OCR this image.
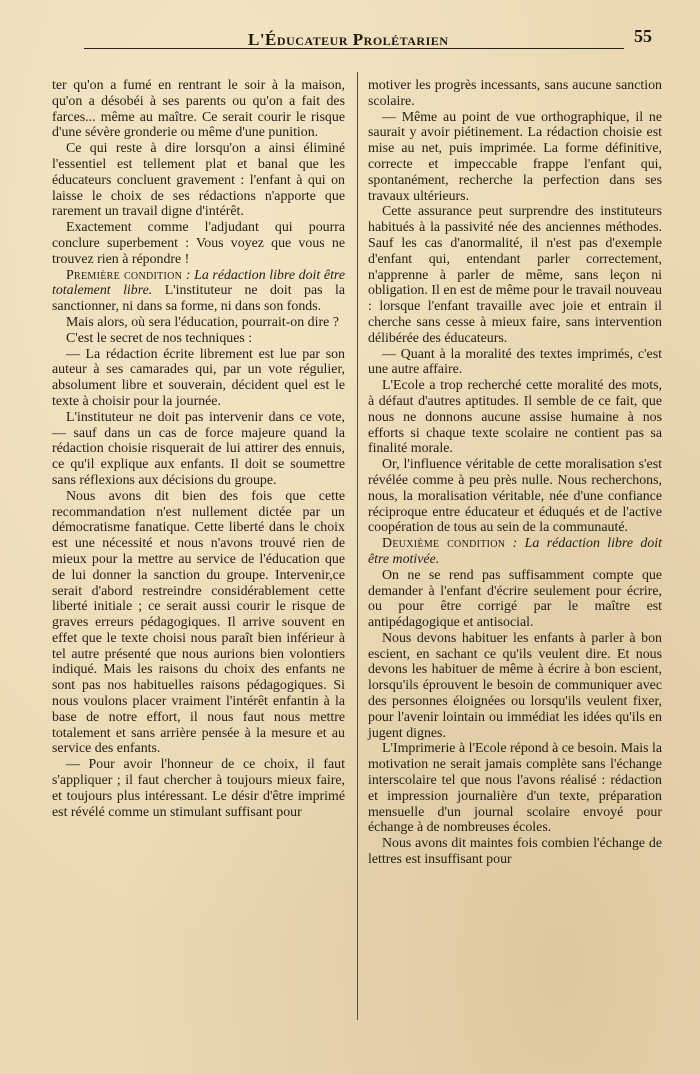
L'Éducateur Prolétarien	55

ter qu'on a fumé en rentrant le soir à la maison, qu'on a désobéi à ses parents ou qu'on a fait des farces... même au maître. Ce serait courir le risque d'une sévère gronderie ou même d'une punition.

Ce qui reste à dire lorsqu'on a ainsi éliminé l'essentiel est tellement plat et banal que les éducateurs concluent gravement : l'enfant à qui on laisse le choix de ses rédactions n'apporte que rarement un travail digne d'intérêt.

Exactement comme l'adjudant qui pourra conclure superbement : Vous voyez que vous ne trouvez rien à répondre !

Première condition : La rédaction libre doit être totalement libre. L'instituteur ne doit pas la sanctionner, ni dans sa forme, ni dans son fonds.

Mais alors, où sera l'éducation, pourrait-on dire ?

C'est le secret de nos techniques :

— La rédaction écrite librement est lue par son auteur à ses camarades qui, par un vote régulier, absolument libre et souverain, décident quel est le texte à choisir pour la journée.

L'instituteur ne doit pas intervenir dans ce vote, — sauf dans un cas de force majeure quand la rédaction choisie risquerait de lui attirer des ennuis, ce qu'il explique aux enfants. Il doit se soumettre sans réflexions aux décisions du groupe.

Nous avons dit bien des fois que cette recommandation n'est nullement dictée par un démocratisme fanatique. Cette liberté dans le choix est une nécessité et nous n'avons trouvé rien de mieux pour la mettre au service de l'éducation que de lui donner la sanction du groupe. Intervenir,ce serait d'abord restreindre considérablement cette liberté initiale ; ce serait aussi courir le risque de graves erreurs pédagogiques. Il arrive souvent en effet que le texte choisi nous paraît bien inférieur à tel autre présenté que nous aurions bien volontiers indiqué. Mais les raisons du choix des enfants ne sont pas nos habituelles raisons pédagogiques. Si nous voulons placer vraiment l'intérêt enfantin à la base de notre effort, il nous faut nous mettre totalement et sans arrière pensée à la mesure et au service des enfants.

— Pour avoir l'honneur de ce choix, il faut s'appliquer ; il faut chercher à toujours mieux faire, et toujours plus intéressant. Le désir d'être imprimé est révélé comme un stimulant suffisant pour

motiver les progrès incessants, sans aucune sanction scolaire.

— Même au point de vue orthographique, il ne saurait y avoir piétinement. La rédaction choisie est mise au net, puis imprimée. La forme définitive, correcte et impeccable frappe l'enfant qui, spontanément, recherche la perfection dans ses travaux ultérieurs.

Cette assurance peut surprendre des instituteurs habitués à la passivité née des anciennes méthodes. Sauf les cas d'anormalité, il n'est pas d'exemple d'enfant qui, entendant parler correctement, n'apprenne à parler de même, sans leçon ni obligation. Il en est de même pour le travail nouveau : lorsque l'enfant travaille avec joie et entrain il cherche sans cesse à mieux faire, sans intervention délibérée des éducateurs.

— Quant à la moralité des textes imprimés, c'est une autre affaire.

L'Ecole a trop recherché cette moralité des mots, à défaut d'autres aptitudes. Il semble de ce fait, que nous ne donnons aucune assise humaine à nos efforts si chaque texte scolaire ne contient pas sa finalité morale.

Or, l'influence véritable de cette moralisation s'est révélée comme à peu près nulle. Nous recherchons, nous, la moralisation véritable, née d'une confiance réciproque entre éducateur et éduqués et de l'active coopération de tous au sein de la communauté.

Deuxième condition : La rédaction libre doit être motivée.

On ne se rend pas suffisamment compte que demander à l'enfant d'écrire seulement pour écrire, ou pour être corrigé par le maître est antipédagogique et antisocial.

Nous devons habituer les enfants à parler à bon escient, en sachant ce qu'ils veulent dire. Et nous devons les habituer de même à écrire à bon escient, lorsqu'ils éprouvent le besoin de communiquer avec des personnes éloignées ou lorsqu'ils veulent fixer, pour l'avenir lointain ou immédiat les idées qu'ils en jugent dignes.

L'Imprimerie à l'Ecole répond à ce besoin. Mais la motivation ne serait jamais complète sans l'échange interscolaire tel que nous l'avons réalisé : rédaction et impression journalière d'un texte, préparation mensuelle d'un journal scolaire envoyé pour échange à de nombreuses écoles.

Nous avons dit maintes fois combien l'échange de lettres est insuffisant pour
